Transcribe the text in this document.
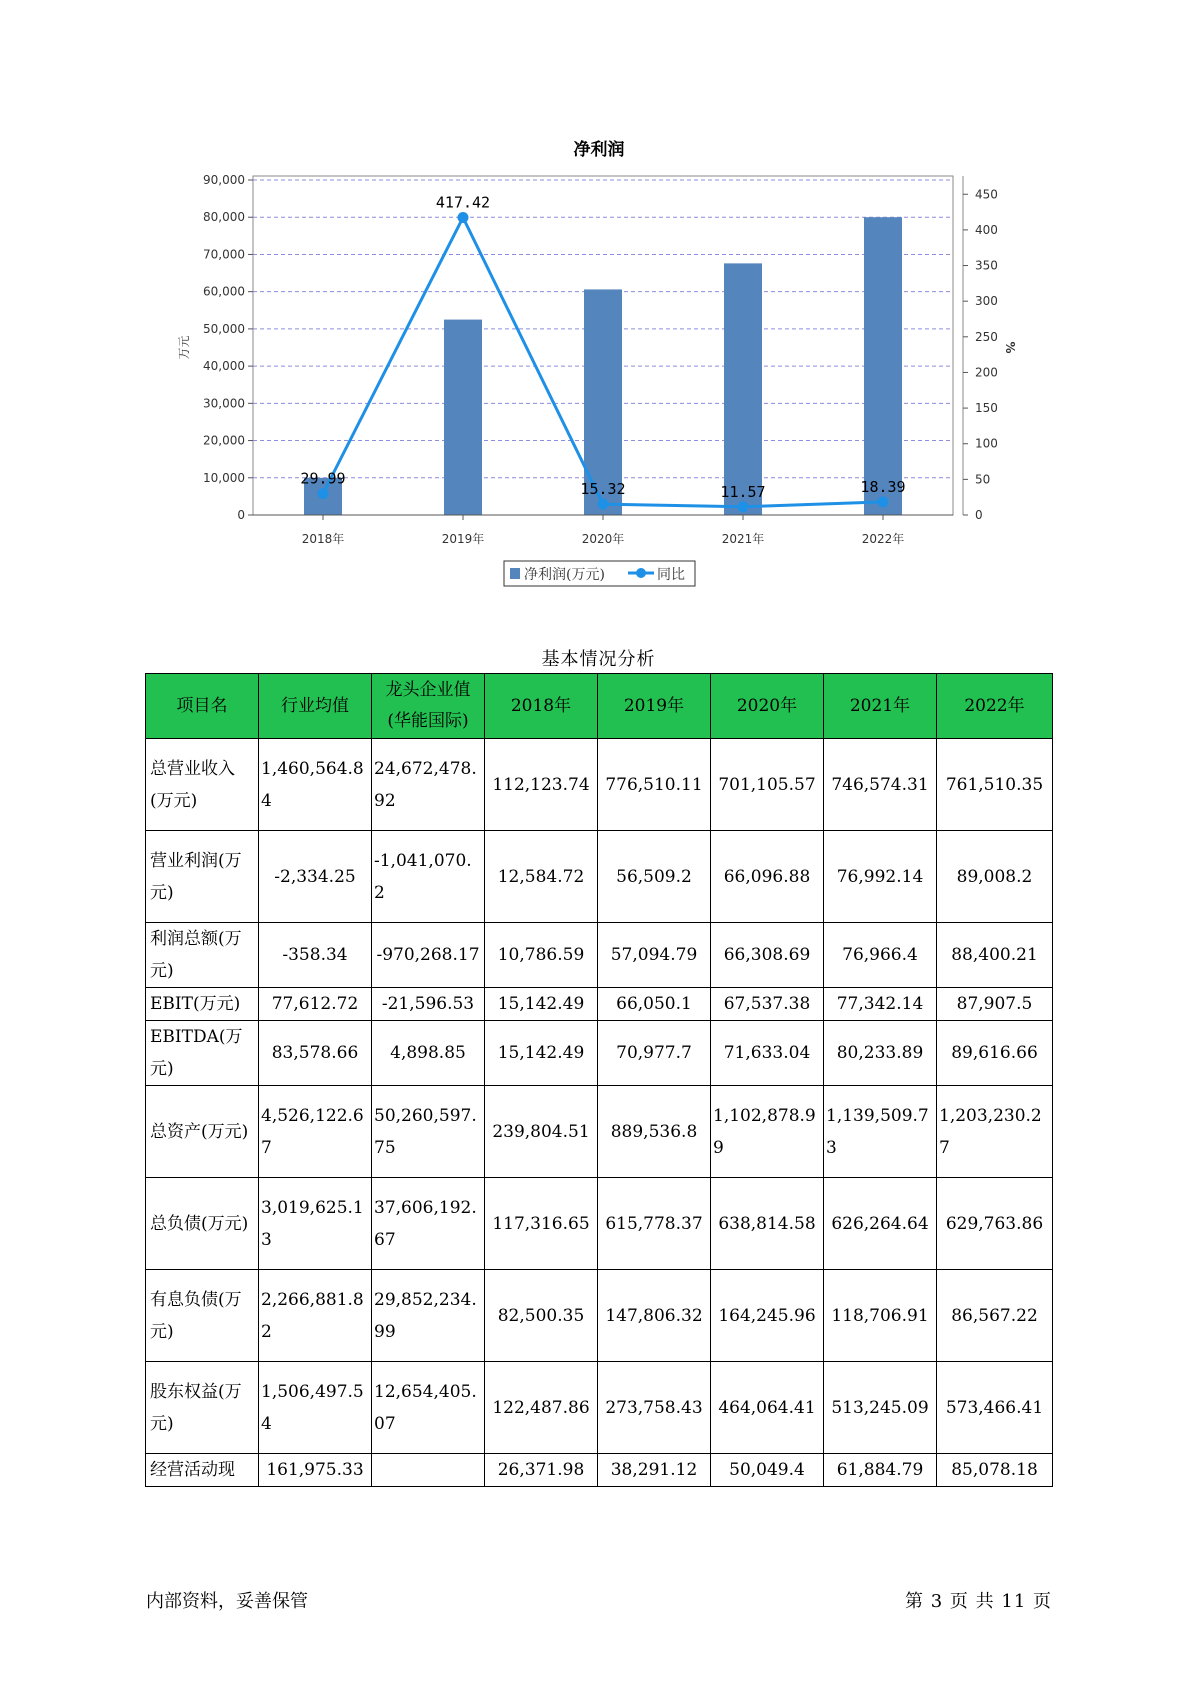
净利润
0
10,000
20,000
30,000
40,000
50,000
60,000
70,000
80,000
90,000
0
50
100
150
200
250
300
350
400
450
万元	%
2018年	2019年	2020年	2021年	2022年
29.99
417.42
15.32	11.57	18.39
净利润(万元)	同比
基本情况分析
项目名	行业均值	龙头企业值(华能国际)	2018年	2019年	2020年	2021年	2022年
总营业收入(万元)	1,460,564.84	24,672,478.92	112,123.74	776,510.11	701,105.57	746,574.31	761,510.35
营业利润(万元)	-2,334.25	-1,041,070.2	12,584.72	56,509.2	66,096.88	76,992.14	89,008.2
利润总额(万元)	-358.34	-970,268.17	10,786.59	57,094.79	66,308.69	76,966.4	88,400.21
EBIT(万元)	77,612.72	-21,596.53	15,142.49	66,050.1	67,537.38	77,342.14	87,907.5
EBITDA(万元)	83,578.66	4,898.85	15,142.49	70,977.7	71,633.04	80,233.89	89,616.66
总资产(万元)	4,526,122.67	50,260,597.75	239,804.51	889,536.8	1,102,878.99	1,139,509.73	1,203,230.27
总负债(万元)	3,019,625.13	37,606,192.67	117,316.65	615,778.37	638,814.58	626,264.64	629,763.86
有息负债(万元)	2,266,881.82	29,852,234.99	82,500.35	147,806.32	164,245.96	118,706.91	86,567.22
股东权益(万元)	1,506,497.54	12,654,405.07	122,487.86	273,758.43	464,064.41	513,245.09	573,466.41
经营活动现	161,975.33		26,371.98	38,291.12	50,049.4	61,884.79	85,078.18
内部资料，妥善保管	第 3 页 共 11 页
